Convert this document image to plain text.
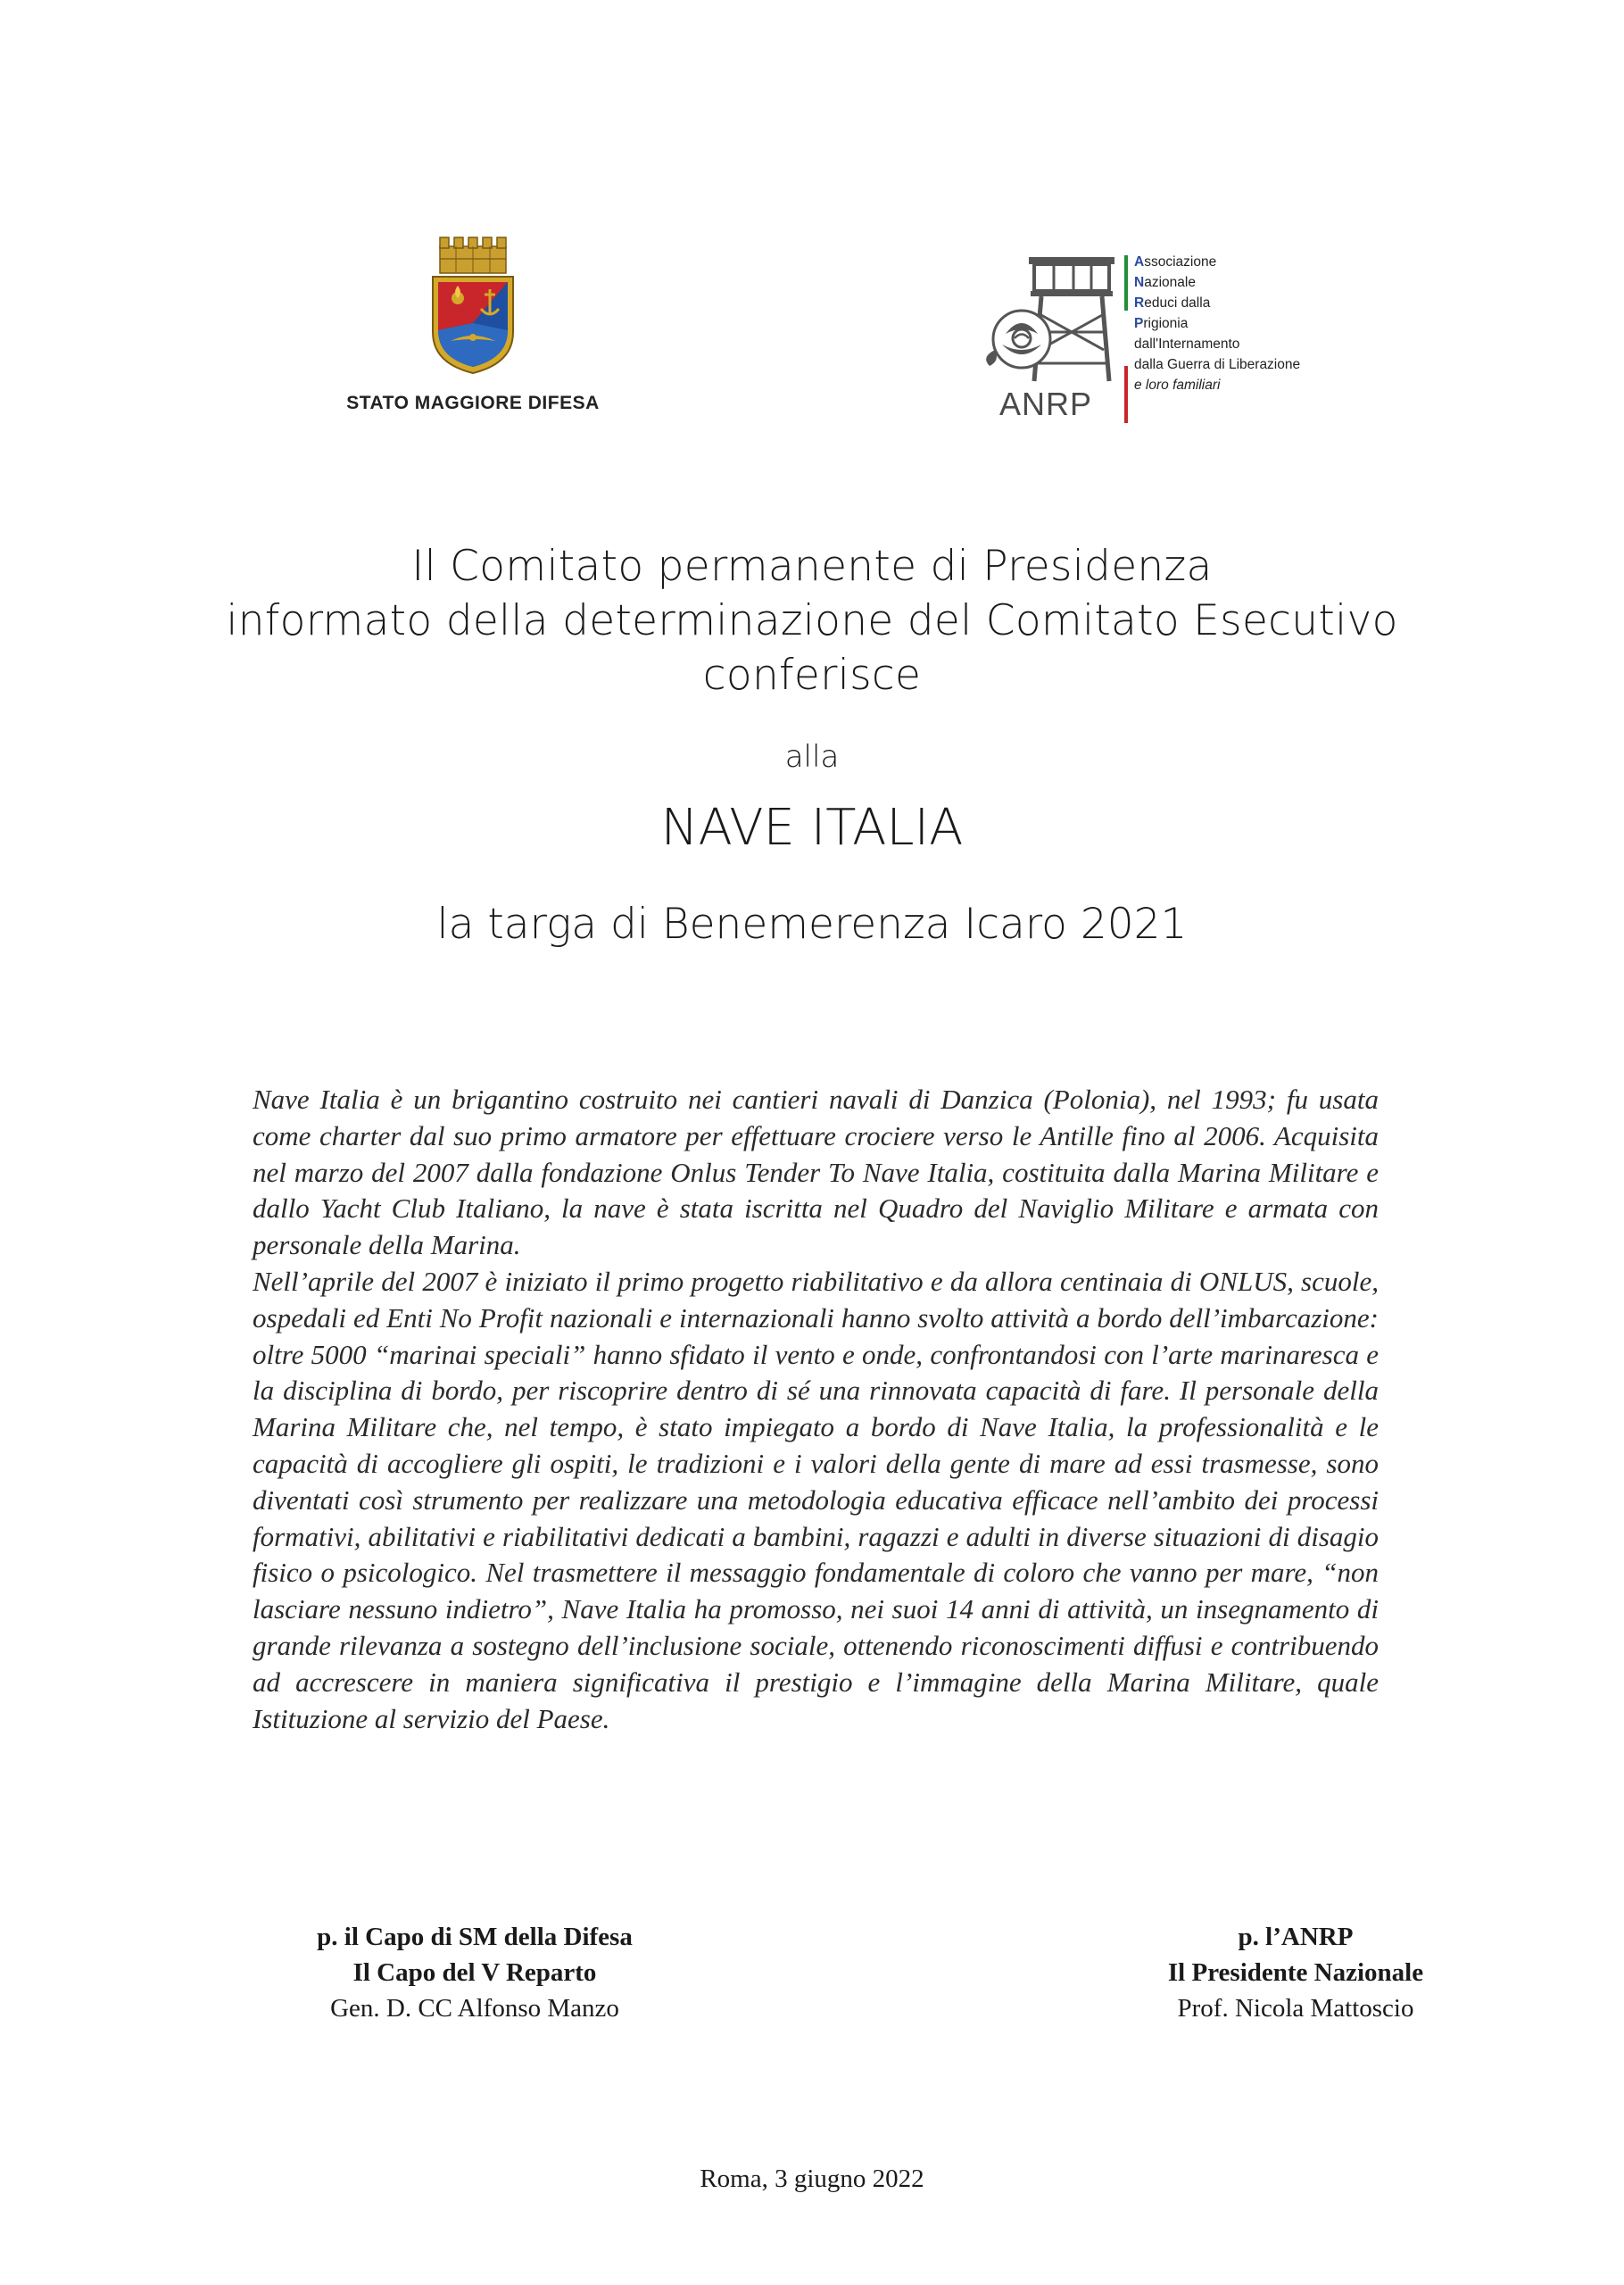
STATO MAGGIORE DIFESA	ANRP
Associazione
Nazionale
Reduci dalla
Prigionia
dall'Internamento
dalla Guerra di Liberazione
e loro familiari
Il Comitato permanente di Presidenza
informato della determinazione del Comitato Esecutivo
conferisce
alla
NAVE ITALIA
la targa di Benemerenza Icaro 2021

Nave Italia è un brigantino costruito nei cantieri navali di Danzica (Polonia), nel 1993; fu usata come charter dal suo primo armatore per effettuare crociere verso le Antille fino al 2006. Acquisita nel marzo del 2007 dalla fondazione Onlus Tender To Nave Italia, costituita dalla Marina Militare e dallo Yacht Club Italiano, la nave è stata iscritta nel Quadro del Naviglio Militare e armata con personale della Marina.

Nell’aprile del 2007 è iniziato il primo progetto riabilitativo e da allora centinaia di ONLUS, scuole, ospedali ed Enti No Profit nazionali e internazionali hanno svolto attività a bordo dell’imbarcazione: oltre 5000 “marinai speciali” hanno sfidato il vento e onde, confrontandosi con l’arte marinaresca e la disciplina di bordo, per riscoprire dentro di sé una rinnovata capacità di fare. Il personale della Marina Militare che, nel tempo, è stato impiegato a bordo di Nave Italia, la professionalità e le capacità di accogliere gli ospiti, le tradizioni e i valori della gente di mare ad essi trasmesse, sono diventati così strumento per realizzare una metodologia educativa efficace nell’ambito dei processi formativi, abilitativi e riabilitativi dedicati a bambini, ragazzi e adulti in diverse situazioni di disagio fisico o psicologico. Nel trasmettere il messaggio fondamentale di coloro che vanno per mare, “non lasciare nessuno indietro”, Nave Italia ha promosso, nei suoi 14 anni di attività, un insegnamento di grande rilevanza a sostegno dell’inclusione sociale, ottenendo riconoscimenti diffusi e contribuendo ad accrescere in maniera significativa il prestigio e l’immagine della Marina Militare, quale Istituzione al servizio del Paese.

p. il Capo di SM della Difesa
Il Capo del V Reparto
Gen. D. CC Alfonso Manzo
p. l’ANRP
Il Presidente Nazionale
Prof. Nicola Mattoscio
Roma, 3 giugno 2022
